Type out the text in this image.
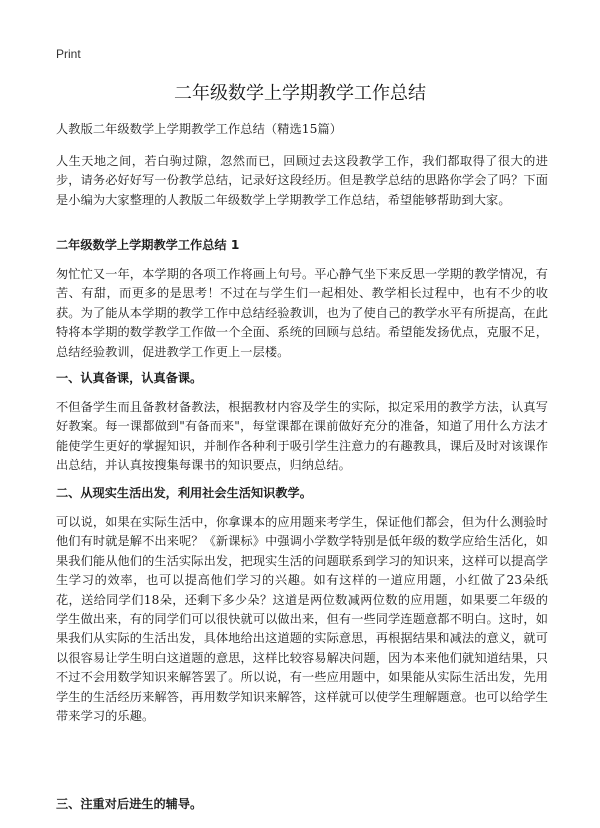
Print
二年级数学上学期教学工作总结

人教版二年级数学上学期教学工作总结（精选15篇）

人生天地之间，若白驹过隙，忽然而已，回顾过去这段教学工作，我们都取得了很大的进步，请务必好好写一份教学总结，记录好这段经历。但是教学总结的思路你学会了吗？下面是小编为大家整理的人教版二年级数学上学期教学工作总结，希望能够帮助到大家。

二年级数学上学期教学工作总结 1

匆忙忙又一年，本学期的各项工作将画上句号。平心静气坐下来反思一学期的教学情况，有苦、有甜，而更多的是思考！不过在与学生们一起相处、教学相长过程中，也有不少的收获。为了能从本学期的教学工作中总结经验教训，也为了使自己的教学水平有所提高，在此特将本学期的数学教学工作做一个全面、系统的回顾与总结。希望能发扬优点，克服不足，总结经验教训，促进教学工作更上一层楼。

一、认真备课，认真备课。

不但备学生而且备教材备教法，根据教材内容及学生的实际，拟定采用的教学方法，认真写好教案。每一课都做到"有备而来"，每堂课都在课前做好充分的准备，知道了用什么方法才能使学生更好的掌握知识，并制作各种利于吸引学生注意力的有趣教具，课后及时对该课作出总结，并认真按搜集每课书的知识要点，归纳总结。

二、从现实生活出发，利用社会生活知识教学。

可以说，如果在实际生活中，你拿课本的应用题来考学生，保证他们都会，但为什么测验时他们有时就是解不出来呢？《新课标》中强调小学数学特别是低年级的数学应给生活化，如果我们能从他们的生活实际出发，把现实生活的问题联系到学习的知识来，这样可以提高学生学习的效率，也可以提高他们学习的兴趣。如有这样的一道应用题，小红做了23朵纸花，送给同学们18朵，还剩下多少朵？这道是两位数减两位数的应用题，如果要二年级的学生做出来，有的同学们可以很快就可以做出来，但有一些同学连题意都不明白。这时，如果我们从实际的生活出发，具体地给出这道题的实际意思，再根据结果和减法的意义，就可以很容易让学生明白这道题的意思，这样比较容易解决问题，因为本来他们就知道结果，只不过不会用数学知识来解答罢了。所以说，有一些应用题中，如果能从实际生活出发，先用学生的生活经历来解答，再用数学知识来解答，这样就可以使学生理解题意。也可以给学生带来学习的乐趣。

三、注重对后进生的辅导。
